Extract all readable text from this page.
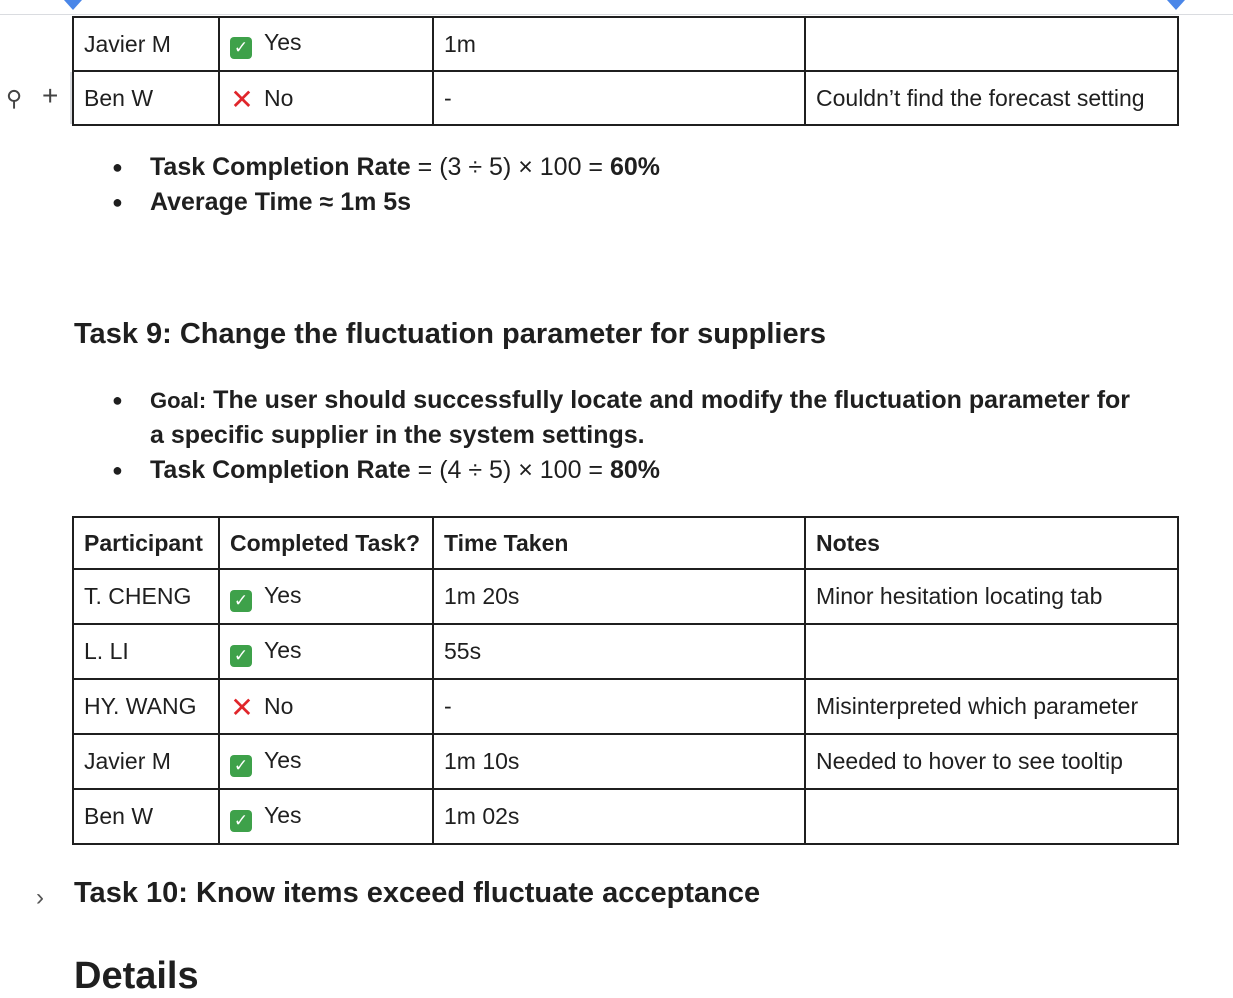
⚲ +
Javier M	✓ Yes	1m	
Ben W	✕ No	-	Couldn’t find the forecast setting
● Task Completion Rate = (3 ÷ 5) × 100 = 60%
● Average Time ≈ 1m 5s
Task 9: Change the fluctuation parameter for suppliers
● Goal: The user should successfully locate and modify the fluctuation parameter for a specific supplier in the system settings.
● Task Completion Rate = (4 ÷ 5) × 100 = 80%
Participant	Completed Task?	Time Taken	Notes
T. CHENG	✓ Yes	1m 20s	Minor hesitation locating tab
L. LI	✓ Yes	55s	
HY. WANG	✕ No	-	Misinterpreted which parameter
Javier M	✓ Yes	1m 10s	Needed to hover to see tooltip
Ben W	✓ Yes	1m 02s	
› Task 10: Know items exceed fluctuate acceptance
Details
